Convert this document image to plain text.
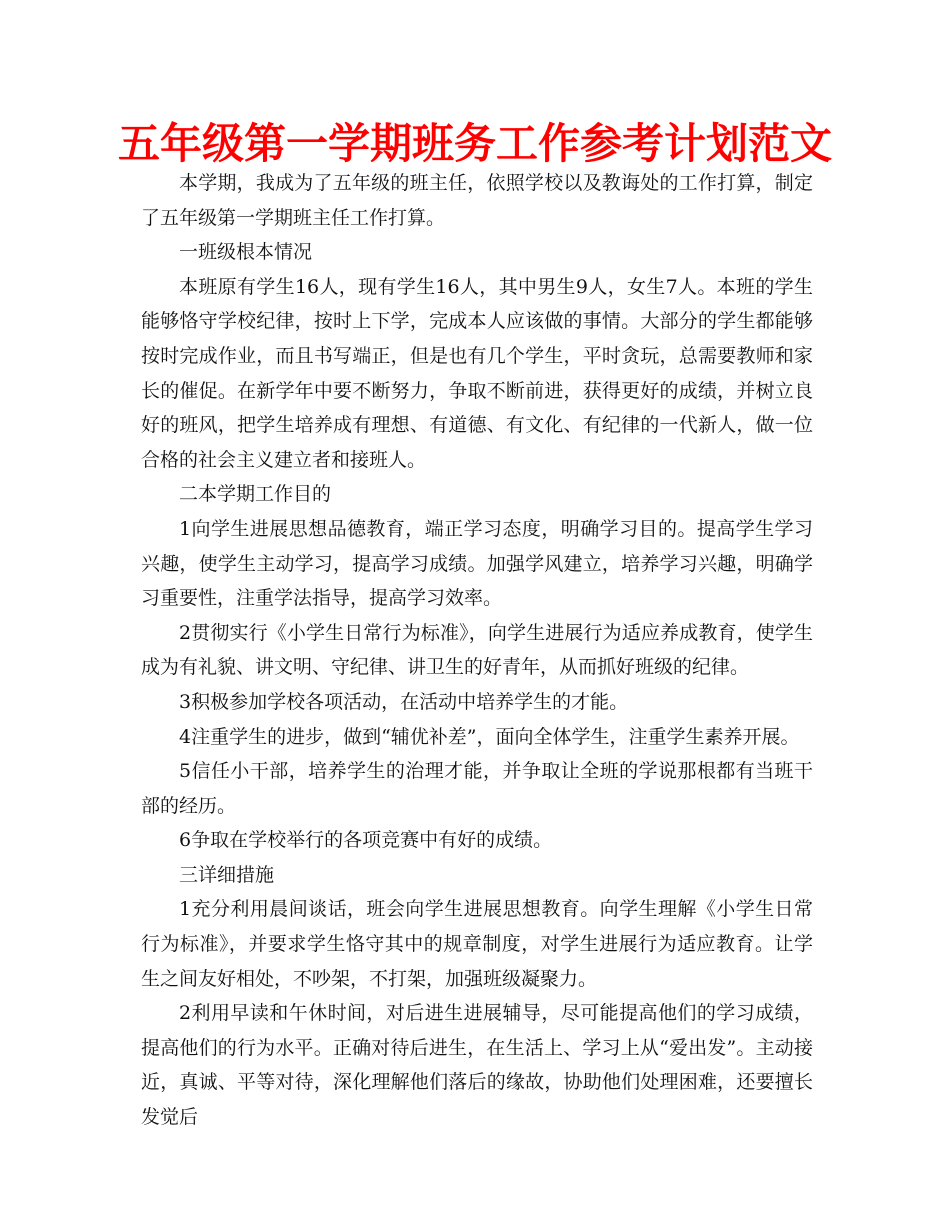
五年级第一学期班务工作参考计划范文

本学期，我成为了五年级的班主任，依照学校以及教诲处的工作打算，制定了五年级第一学期班主任工作打算。

一班级根本情况

本班原有学生16人，现有学生16人，其中男生9人，女生7人。本班的学生能够恪守学校纪律，按时上下学，完成本人应该做的事情。大部分的学生都能够按时完成作业，而且书写端正，但是也有几个学生，平时贪玩，总需要教师和家长的催促。在新学年中要不断努力，争取不断前进，获得更好的成绩，并树立良好的班风，把学生培养成有理想、有道德、有文化、有纪律的一代新人，做一位合格的社会主义建立者和接班人。

二本学期工作目的

1向学生进展思想品德教育，端正学习态度，明确学习目的。提高学生学习兴趣，使学生主动学习，提高学习成绩。加强学风建立，培养学习兴趣，明确学习重要性，注重学法指导，提高学习效率。

2贯彻实行《小学生日常行为标准》，向学生进展行为适应养成教育，使学生成为有礼貌、讲文明、守纪律、讲卫生的好青年，从而抓好班级的纪律。

3积极参加学校各项活动，在活动中培养学生的才能。

4注重学生的进步，做到“辅优补差”，面向全体学生，注重学生素养开展。

5信任小干部，培养学生的治理才能，并争取让全班的学说那根都有当班干部的经历。

6争取在学校举行的各项竞赛中有好的成绩。

三详细措施

1充分利用晨间谈话，班会向学生进展思想教育。向学生理解《小学生日常行为标准》，并要求学生恪守其中的规章制度，对学生进展行为适应教育。让学生之间友好相处，不吵架，不打架，加强班级凝聚力。

2利用早读和午休时间，对后进生进展辅导，尽可能提高他们的学习成绩，提高他们的行为水平。正确对待后进生，在生活上、学习上从“爱出发”。主动接近，真诚、平等对待，深化理解他们落后的缘故，协助他们处理困难，还要擅长发觉后
